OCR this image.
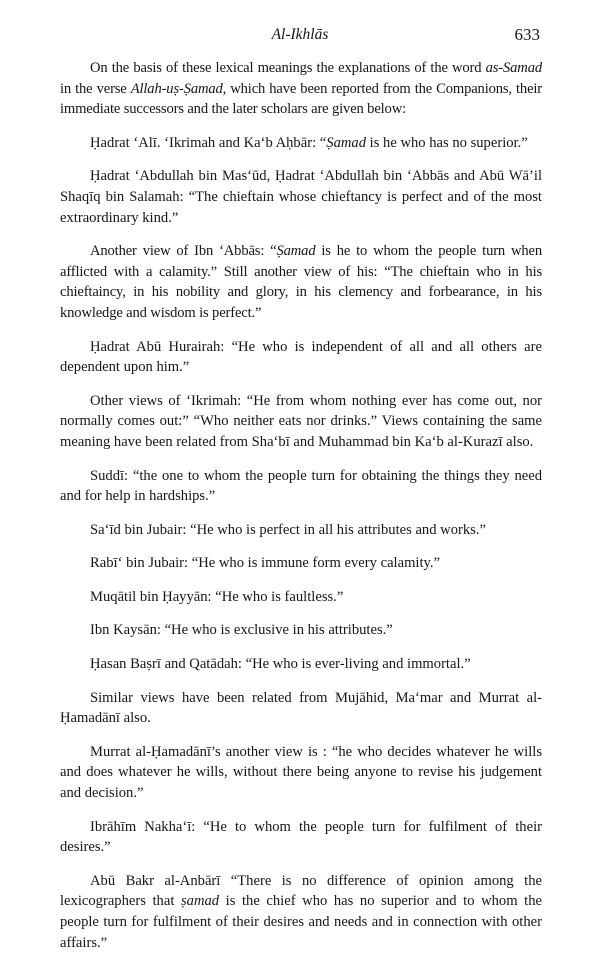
Al-Ikhlās	633

On the basis of these lexical meanings the explanations of the word as-Samad in the verse Allah-uṣ-Ṣamad, which have been reported from the Companions, their immediate successors and the later scholars are given below:

Ḥadrat ‘Alī. ‘Ikrimah and Ka‘b Aḥbār: “Ṣamad is he who has no superior.”

Ḥadrat ‘Abdullah bin Mas‘ūd, Ḥadrat ‘Abdullah bin ‘Abbās and Abū Wā’il Shaqīq bin Salamah: “The chieftain whose chieftancy is perfect and of the most extraordinary kind.”

Another view of Ibn ‘Abbās: “Ṣamad is he to whom the people turn when afflicted with a calamity.” Still another view of his: “The chieftain who in his chieftaincy, in his nobility and glory, in his clemency and forbearance, in his knowledge and wisdom is perfect.”

Ḥadrat Abū Hurairah: “He who is independent of all and all others are dependent upon him.”

Other views of ‘Ikrimah: “He from whom nothing ever has come out, nor normally comes out:” “Who neither eats nor drinks.” Views containing the same meaning have been related from Sha‘bī and Muhammad bin Ka‘b al-Kurazī also.

Suddī: “the one to whom the people turn for obtaining the things they need and for help in hardships.”

Sa‘īd bin Jubair: “He who is perfect in all his attributes and works.”

Rabī‘ bin Jubair: “He who is immune form every calamity.”

Muqātil bin Ḥayyān: “He who is faultless.”

Ibn Kaysān: “He who is exclusive in his attributes.”

Ḥasan Baṣrī and Qatādah: “He who is ever-living and immortal.”

Similar views have been related from Mujāhid, Ma‘mar and Murrat al-Ḥamadānī also.

Murrat al-Ḥamadānī’s another view is : “he who decides whatever he wills and does whatever he wills, without there being anyone to revise his judgement and decision.”

Ibrāhīm Nakha‘ī: “He to whom the people turn for fulfilment of their desires.”

Abū Bakr al-Anbārī “There is no difference of opinion among the lexicographers that ṣamad is the chief who has no superior and to whom the people turn for fulfilment of their desires and needs and in connection with other affairs.”
